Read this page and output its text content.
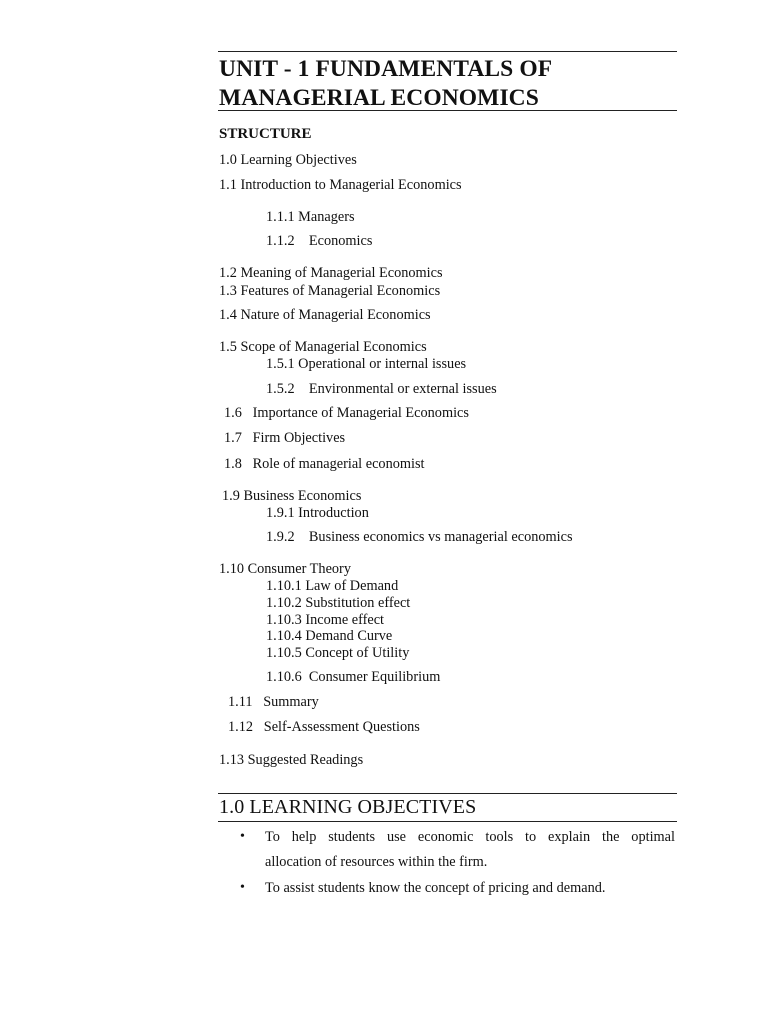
UNIT - 1 FUNDAMENTALS OF
MANAGERIAL ECONOMICS
STRUCTURE
1.0 Learning Objectives
1.1 Introduction to Managerial Economics
1.1.1 Managers
1.1.2    Economics
1.2 Meaning of Managerial Economics
1.3 Features of Managerial Economics
1.4 Nature of Managerial Economics
1.5 Scope of Managerial Economics
1.5.1 Operational or internal issues
1.5.2    Environmental or external issues
1.6   Importance of Managerial Economics
1.7   Firm Objectives
1.8   Role of managerial economist
1.9 Business Economics
1.9.1 Introduction
1.9.2    Business economics vs managerial economics
1.10 Consumer Theory
1.10.1 Law of Demand
1.10.2 Substitution effect
1.10.3 Income effect
1.10.4 Demand Curve
1.10.5 Concept of Utility
1.10.6  Consumer Equilibrium
1.11   Summary
1.12   Self-Assessment Questions
1.13 Suggested Readings
1.0 LEARNING OBJECTIVES
• To help students use economic tools to explain the optimal

allocation of resources within the firm.

• To assist students know the concept of pricing and demand.
